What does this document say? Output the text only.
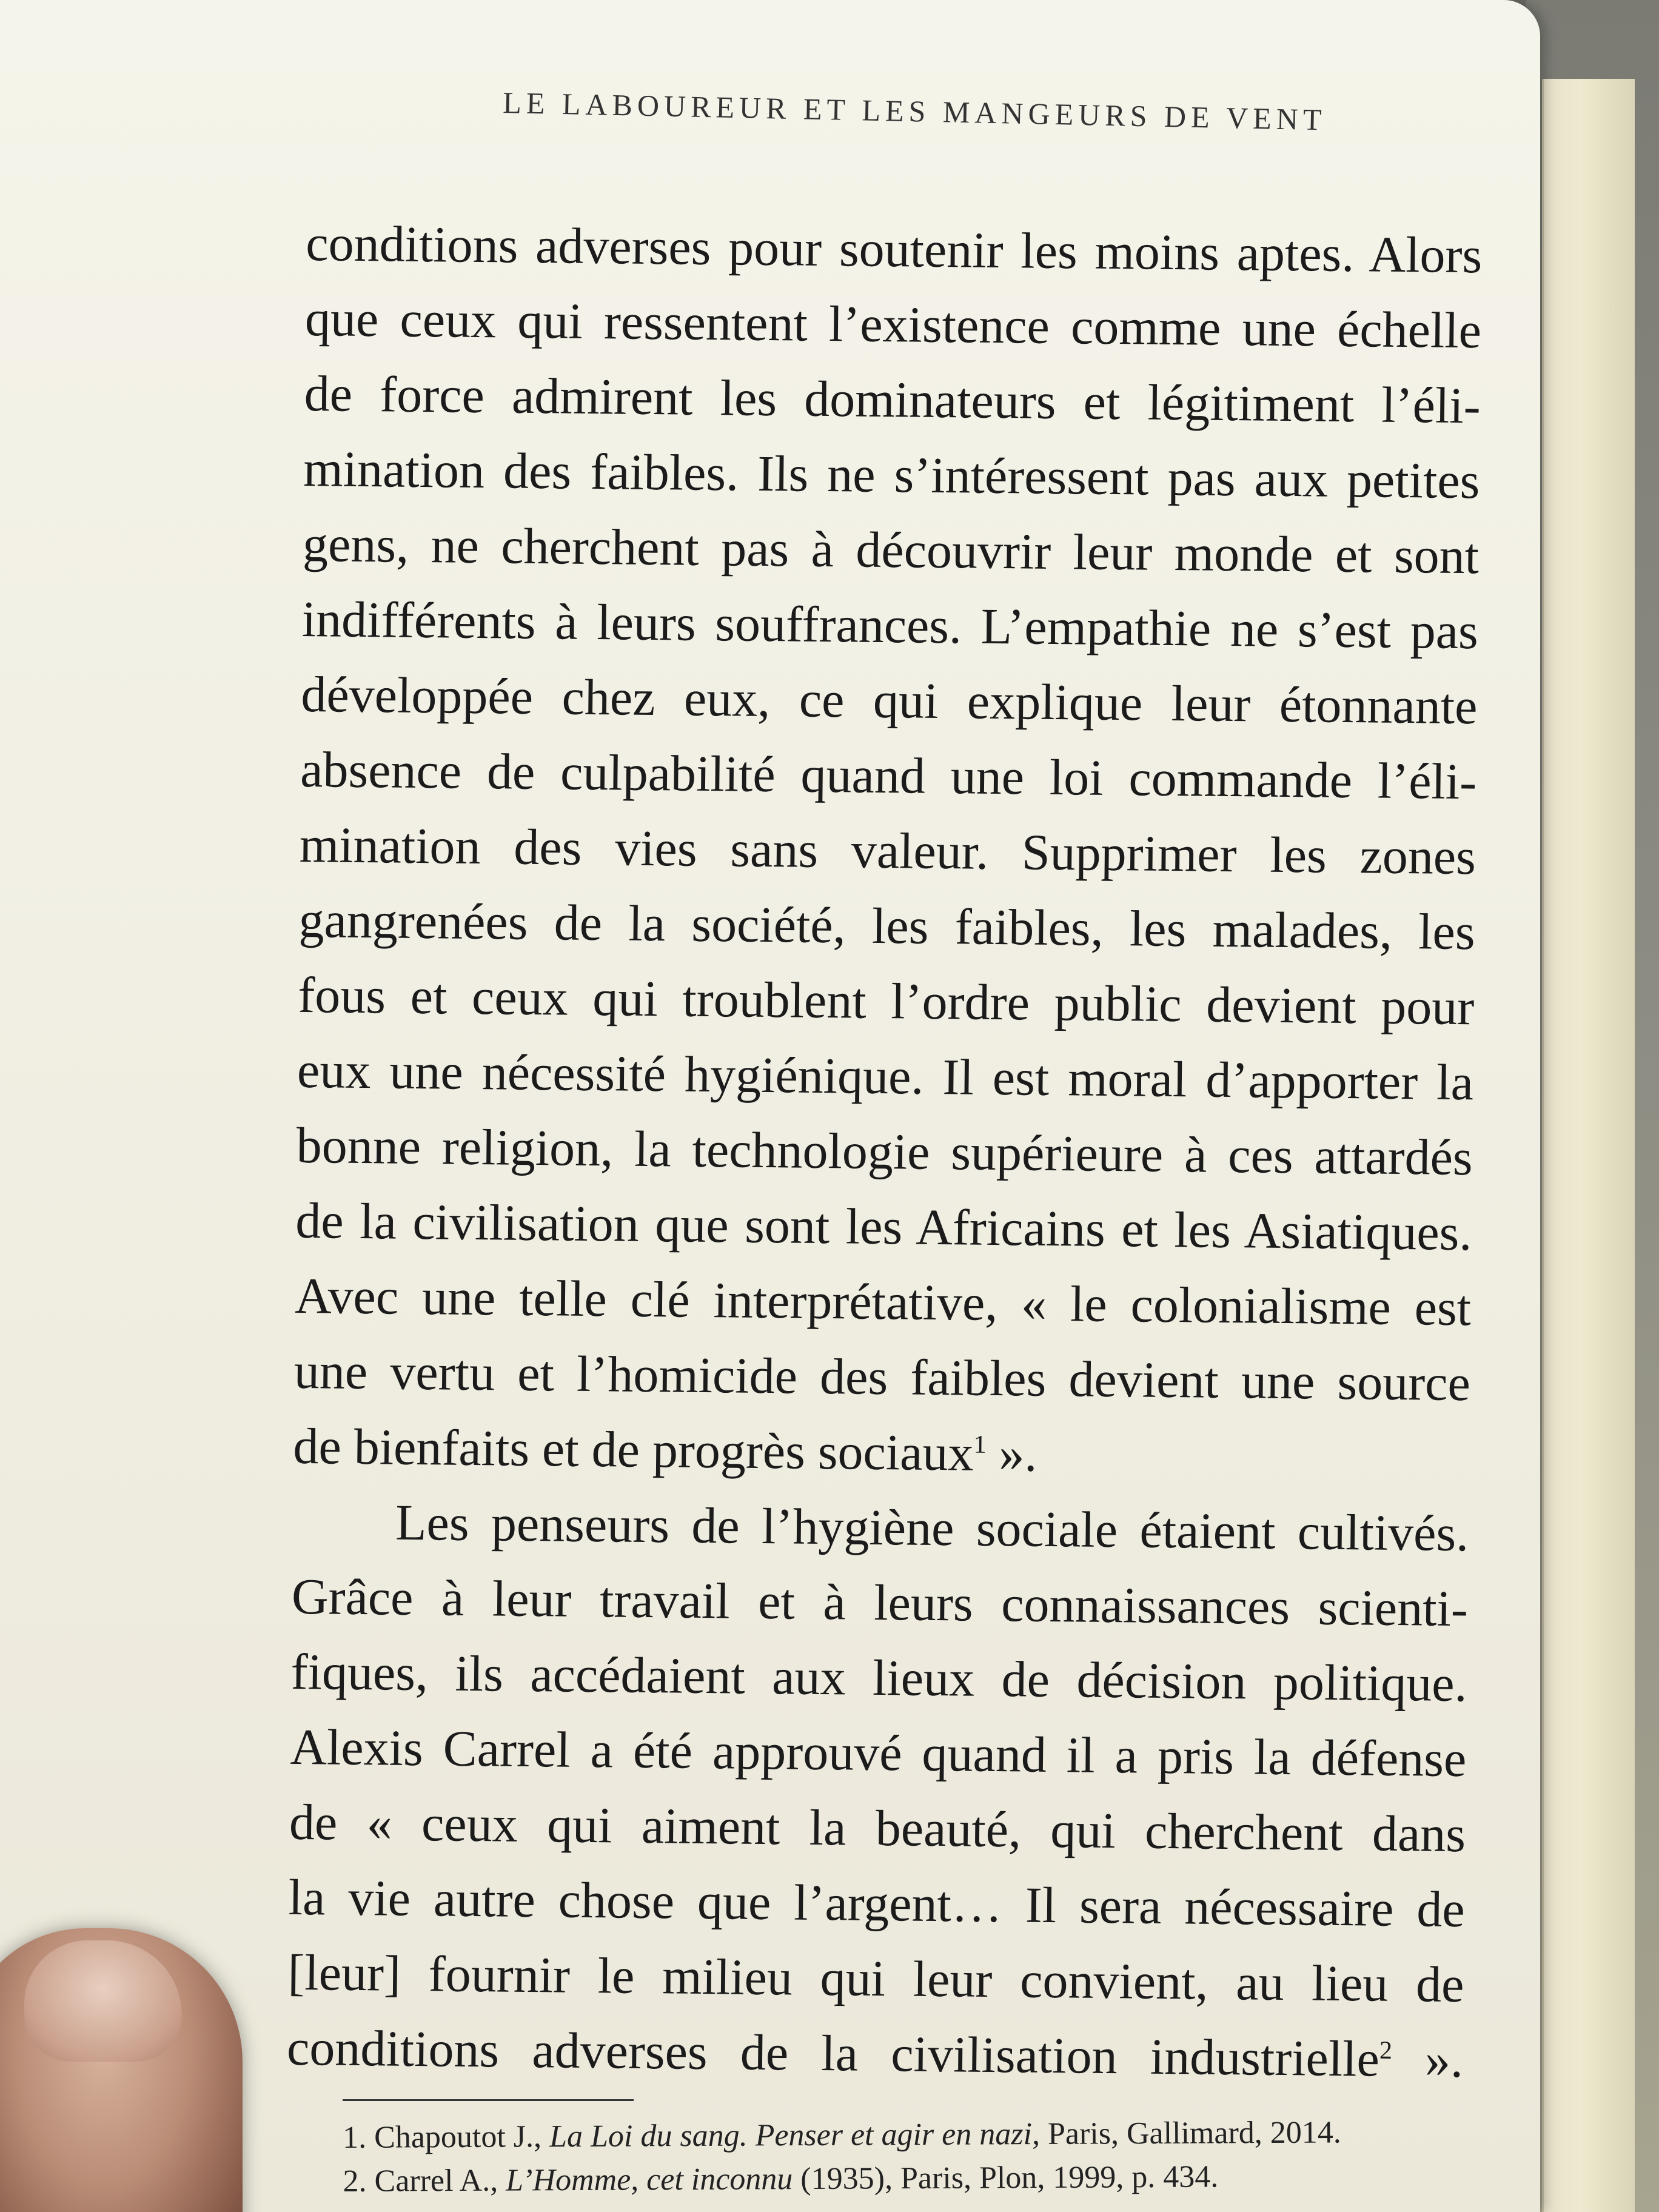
LE LABOUREUR ET LES MANGEURS DE VENT
conditions adverses pour soutenir les moins aptes. Alors
que ceux qui ressentent l’existence comme une échelle
de force admirent les dominateurs et légitiment l’éli-
mination des faibles. Ils ne s’intéressent pas aux petites
gens, ne cherchent pas à découvrir leur monde et sont
indifférents à leurs souffrances. L’empathie ne s’est pas
développée chez eux, ce qui explique leur étonnante
absence de culpabilité quand une loi commande l’éli-
mination des vies sans valeur. Supprimer les zones
gangrenées de la société, les faibles, les malades, les
fous et ceux qui troublent l’ordre public devient pour
eux une nécessité hygiénique. Il est moral d’apporter la
bonne religion, la technologie supérieure à ces attardés
de la civilisation que sont les Africains et les Asiatiques.
Avec une telle clé interprétative, « le colonialisme est
une vertu et l’homicide des faibles devient une source
de bienfaits et de progrès sociaux$^1$ ».
Les penseurs de l’hygiène sociale étaient cultivés.
Grâce à leur travail et à leurs connaissances scienti-
fiques, ils accédaient aux lieux de décision politique.
Alexis Carrel a été approuvé quand il a pris la défense
de « ceux qui aiment la beauté, qui cherchent dans
la vie autre chose que l’argent… Il sera nécessaire de
[leur] fournir le milieu qui leur convient, au lieu de
conditions adverses de la civilisation industrielle$^2$ ».
1. Chapoutot J., La Loi du sang. Penser et agir en nazi, Paris, Gallimard, 2014.
2. Carrel A., L’Homme, cet inconnu (1935), Paris, Plon, 1999, p. 434.
